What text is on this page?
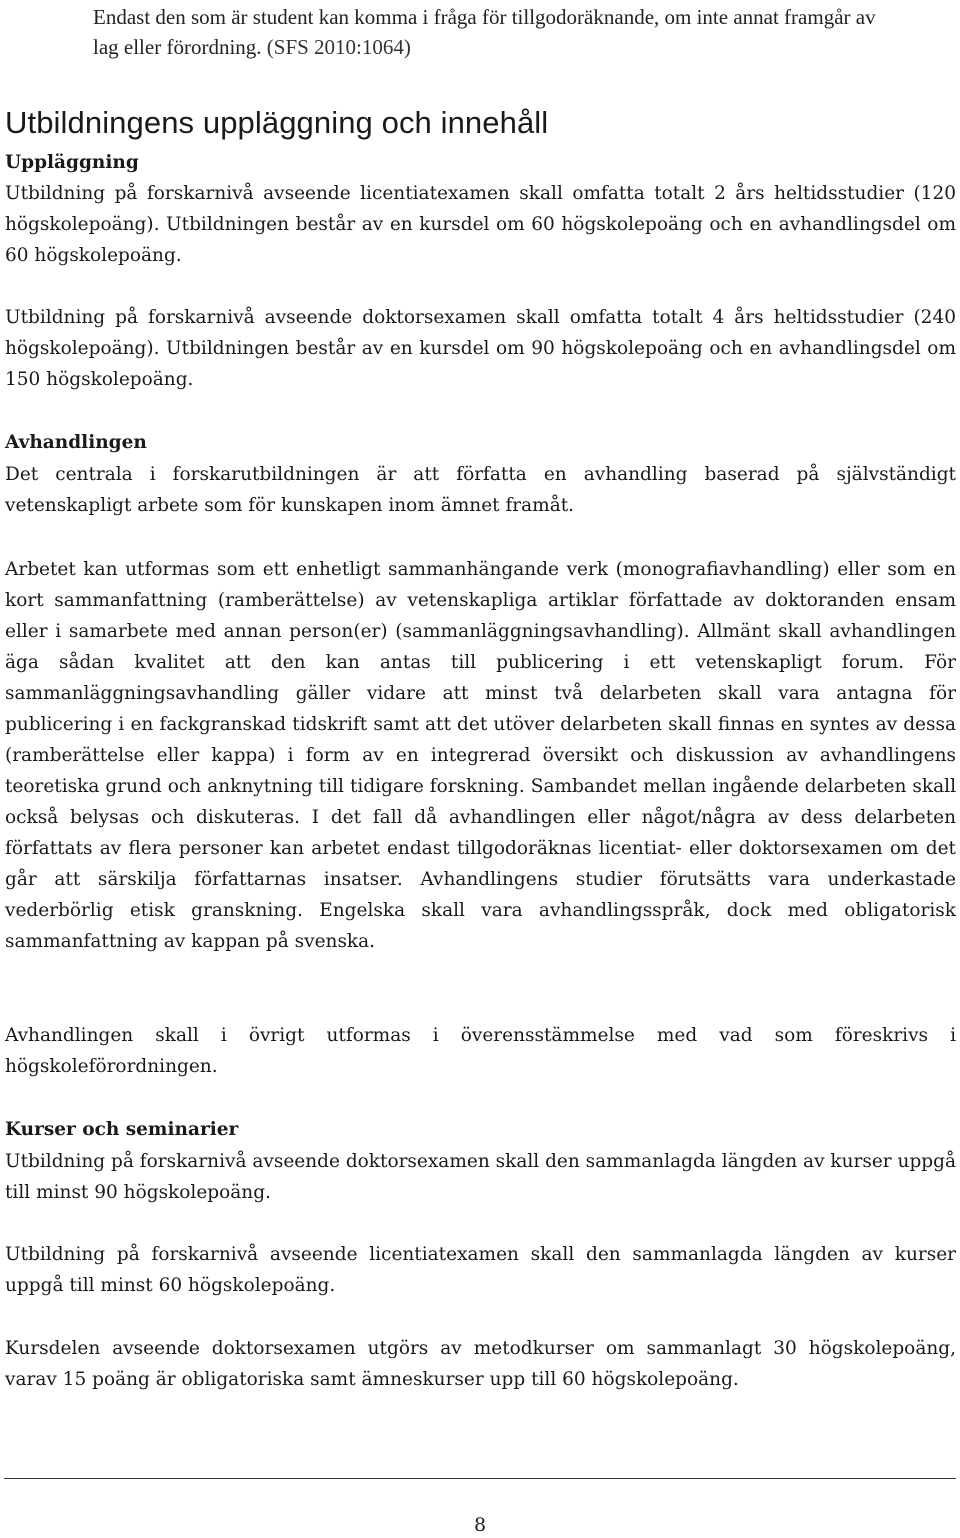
Endast den som är student kan komma i fråga för tillgodoräknande, om inte annat framgår av lag eller förordning. (SFS 2010:1064)
Utbildningens uppläggning och innehåll
Uppläggning

Utbildning på forskarnivå avseende licentiatexamen skall omfatta totalt 2 års heltidsstudier (120 högskolepoäng). Utbildningen består av en kursdel om 60 högskolepoäng och en avhandlingsdel om 60 högskolepoäng.

Utbildning på forskarnivå avseende doktorsexamen skall omfatta totalt 4 års heltidsstudier (240 högskolepoäng). Utbildningen består av en kursdel om 90 högskolepoäng och en avhandlingsdel om 150 högskolepoäng.

Avhandlingen

Det centrala i forskarutbildningen är att författa en avhandling baserad på självständigt vetenskapligt arbete som för kunskapen inom ämnet framåt.

Arbetet kan utformas som ett enhetligt sammanhängande verk (monografiavhandling) eller som en kort sammanfattning (ramberättelse) av vetenskapliga artiklar författade av doktoranden ensam eller i samarbete med annan person(er) (sammanläggningsavhandling). Allmänt skall avhandlingen äga sådan kvalitet att den kan antas till publicering i ett vetenskapligt forum. För sammanläggningsavhandling gäller vidare att minst två delarbeten skall vara antagna för publicering i en fackgranskad tidskrift samt att det utöver delarbeten skall finnas en syntes av dessa (ramberättelse eller kappa) i form av en integrerad översikt och diskussion av avhandlingens teoretiska grund och anknytning till tidigare forskning. Sambandet mellan ingående delarbeten skall också belysas och diskuteras. I det fall då avhandlingen eller något/några av dess delarbeten författats av flera personer kan arbetet endast tillgodoräknas licentiat- eller doktorsexamen om det går att särskilja författarnas insatser. Avhandlingens studier förutsätts vara underkastade vederbörlig etisk granskning. Engelska skall vara avhandlingsspråk, dock med obligatorisk sammanfattning av kappan på svenska.

Avhandlingen skall i övrigt utformas i överensstämmelse med vad som föreskrivs i högskoleförordningen.

Kurser och seminarier

Utbildning på forskarnivå avseende doktorsexamen skall den sammanlagda längden av kurser uppgå till minst 90 högskolepoäng.

Utbildning på forskarnivå avseende licentiatexamen skall den sammanlagda längden av kurser uppgå till minst 60 högskolepoäng.

Kursdelen avseende doktorsexamen utgörs av metodkurser om sammanlagt 30 högskolepoäng, varav 15 poäng är obligatoriska samt ämneskurser upp till 60 högskolepoäng.

8
